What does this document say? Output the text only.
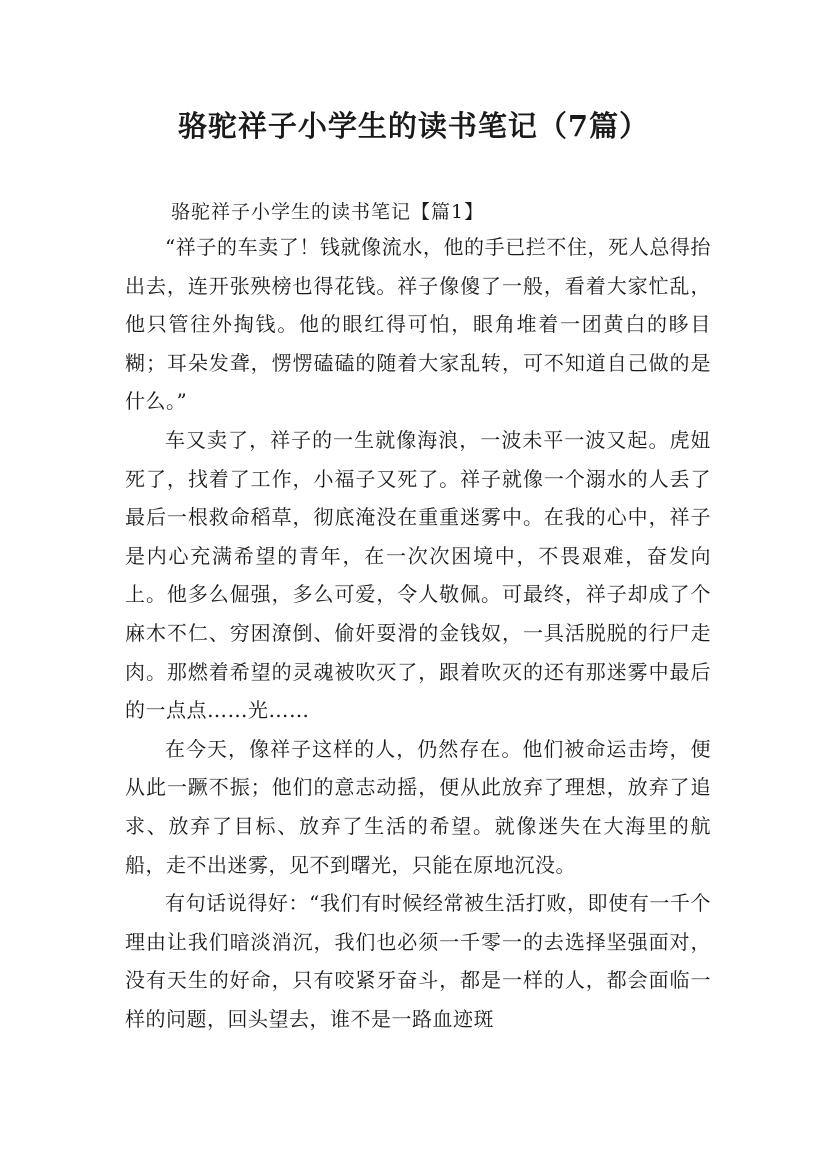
骆驼祥子小学生的读书笔记（7篇）
骆驼祥子小学生的读书笔记【篇1】

“祥子的车卖了！钱就像流水，他的手已拦不住，死人总得抬出去，连开张殃榜也得花钱。祥子像傻了一般，看着大家忙乱，他只管往外掏钱。他的眼红得可怕，眼角堆着一团黄白的眵目糊；耳朵发聋，愣愣磕磕的随着大家乱转，可不知道自己做的是什么。”

车又卖了，祥子的一生就像海浪，一波未平一波又起。虎妞死了，找着了工作，小福子又死了。祥子就像一个溺水的人丢了最后一根救命稻草，彻底淹没在重重迷雾中。在我的心中，祥子是内心充满希望的青年，在一次次困境中，不畏艰难，奋发向上。他多么倔强，多么可爱，令人敬佩。可最终，祥子却成了个麻木不仁、穷困潦倒、偷奸耍滑的金钱奴，一具活脱脱的行尸走肉。那燃着希望的灵魂被吹灭了，跟着吹灭的还有那迷雾中最后的一点点……光……

在今天，像祥子这样的人，仍然存在。他们被命运击垮，便从此一蹶不振；他们的意志动摇，便从此放弃了理想，放弃了追求、放弃了目标、放弃了生活的希望。就像迷失在大海里的航船，走不出迷雾，见不到曙光，只能在原地沉没。

有句话说得好：“我们有时候经常被生活打败，即使有一千个理由让我们暗淡消沉，我们也必须一千零一的去选择坚强面对，没有天生的好命，只有咬紧牙奋斗，都是一样的人，都会面临一样的问题，回头望去，谁不是一路血迹斑
